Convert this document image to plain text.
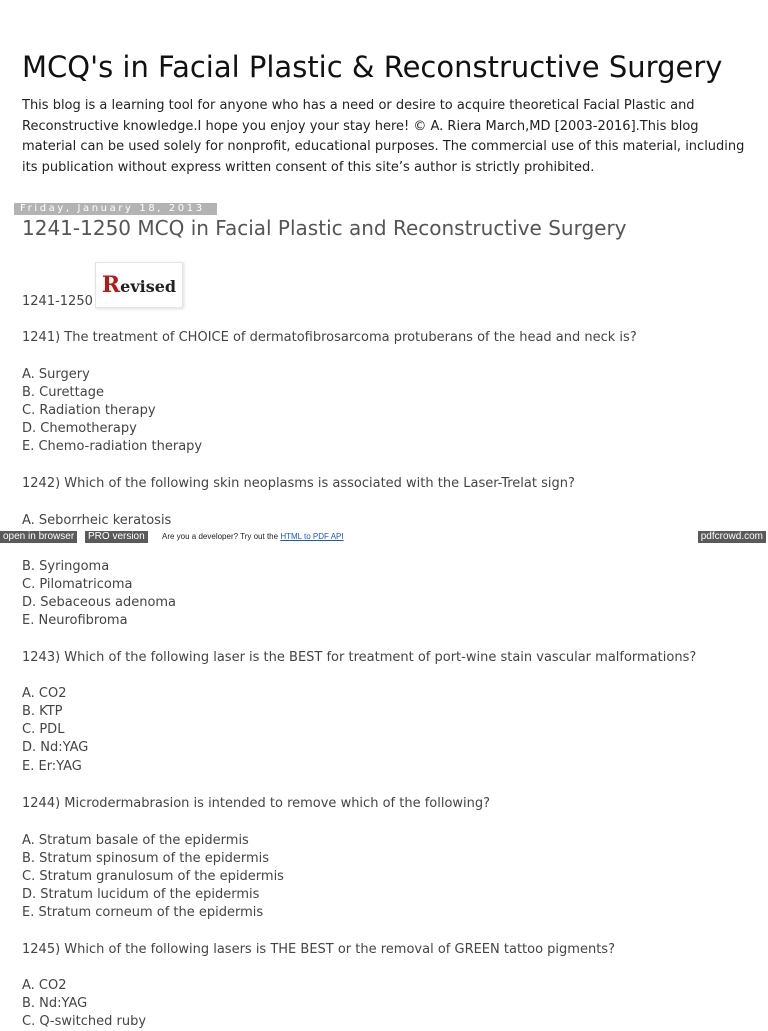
MCQ's in Facial Plastic & Reconstructive Surgery
This blog is a learning tool for anyone who has a need or desire to acquire theoretical Facial Plastic and Reconstructive knowledge.I hope you enjoy your stay here! © A. Riera March,MD [2003-2016].This blog material can be used solely for nonprofit, educational purposes. The commercial use of this material, including its publication without express written consent of this site’s author is strictly prohibited.
Friday, January 18, 2013
1241-1250 MCQ in Facial Plastic and Reconstructive Surgery
Revised
1241-1250
1241) The treatment of CHOICE of dermatofibrosarcoma protuberans of the head and neck is?
A. Surgery
B. Curettage
C. Radiation therapy
D. Chemotherapy
E. Chemo-radiation therapy
1242) Which of the following skin neoplasms is associated with the Laser-Trelat sign?
A. Seborrheic keratosis
open in browser	PRO version	Are you a developer? Try out the HTML to PDF API	pdfcrowd.com
B. Syringoma
C. Pilomatricoma
D. Sebaceous adenoma
E. Neurofibroma
1243) Which of the following laser is the BEST for treatment of port-wine stain vascular malformations?
A. CO2
B. KTP
C. PDL
D. Nd:YAG
E. Er:YAG
1244) Microdermabrasion is intended to remove which of the following?
A. Stratum basale of the epidermis
B. Stratum spinosum of the epidermis
C. Stratum granulosum of the epidermis
D. Stratum lucidum of the epidermis
E. Stratum corneum of the epidermis
1245) Which of the following lasers is THE BEST or the removal of GREEN tattoo pigments?
A. CO2
B. Nd:YAG
C. Q-switched ruby
